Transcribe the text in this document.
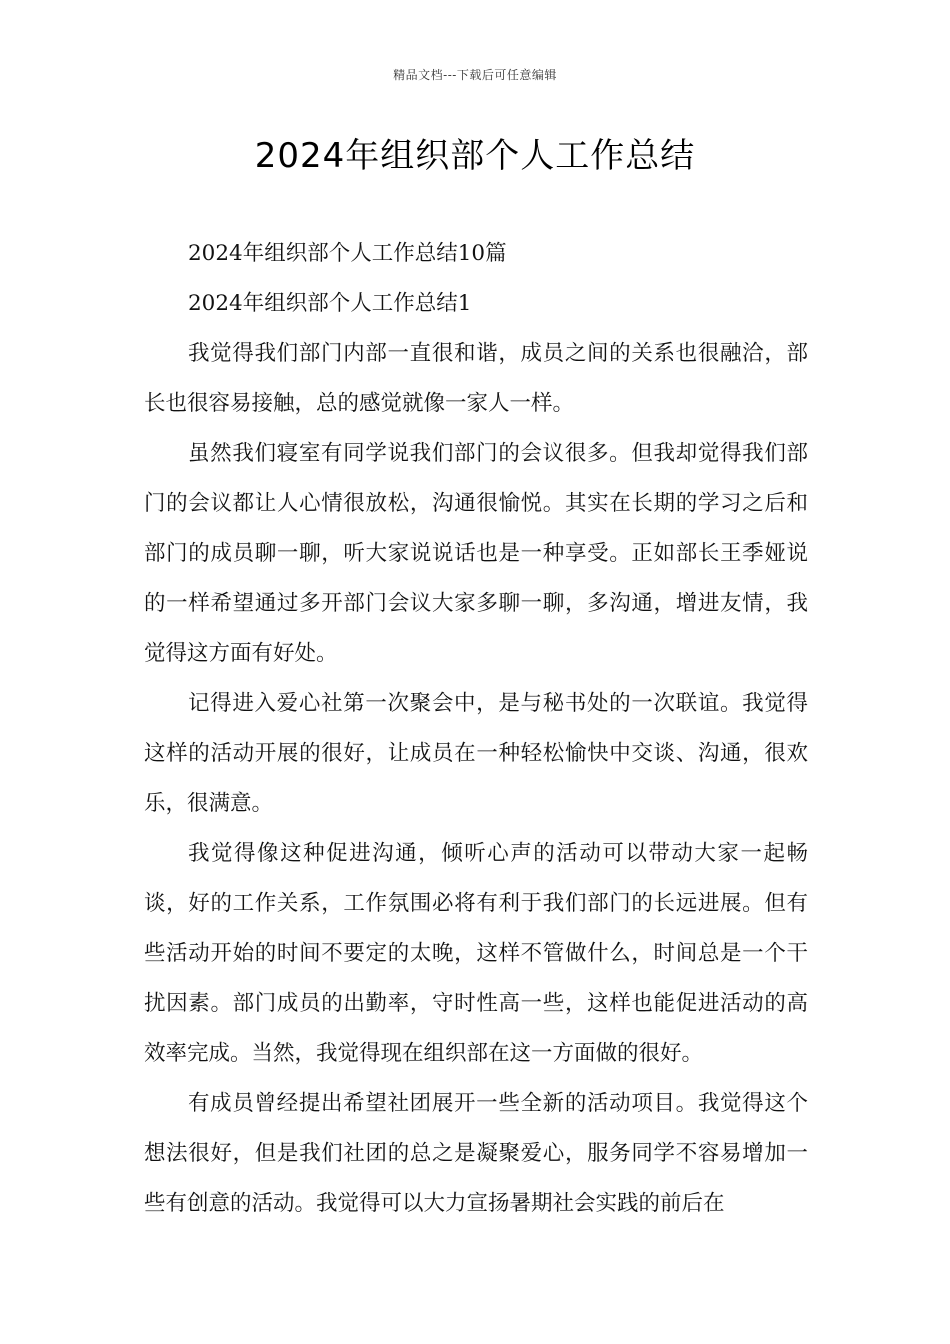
精品文档---下载后可任意编辑
2024年组织部个人工作总结

2024年组织部个人工作总结10篇

2024年组织部个人工作总结1

我觉得我们部门内部一直很和谐，成员之间的关系也很融洽，部长也很容易接触，总的感觉就像一家人一样。

虽然我们寝室有同学说我们部门的会议很多。但我却觉得我们部门的会议都让人心情很放松，沟通很愉悦。其实在长期的学习之后和部门的成员聊一聊，听大家说说话也是一种享受。正如部长王季娅说的一样希望通过多开部门会议大家多聊一聊，多沟通，增进友情，我觉得这方面有好处。

记得进入爱心社第一次聚会中，是与秘书处的一次联谊。我觉得这样的活动开展的很好，让成员在一种轻松愉快中交谈、沟通，很欢乐，很满意。

我觉得像这种促进沟通，倾听心声的活动可以带动大家一起畅谈，好的工作关系，工作氛围必将有利于我们部门的长远进展。但有些活动开始的时间不要定的太晚，这样不管做什么，时间总是一个干扰因素。部门成员的出勤率，守时性高一些，这样也能促进活动的高效率完成。当然，我觉得现在组织部在这一方面做的很好。

有成员曾经提出希望社团展开一些全新的活动项目。我觉得这个想法很好，但是我们社团的总之是凝聚爱心，服务同学不容易增加一些有创意的活动。我觉得可以大力宣扬暑期社会实践的前后在
